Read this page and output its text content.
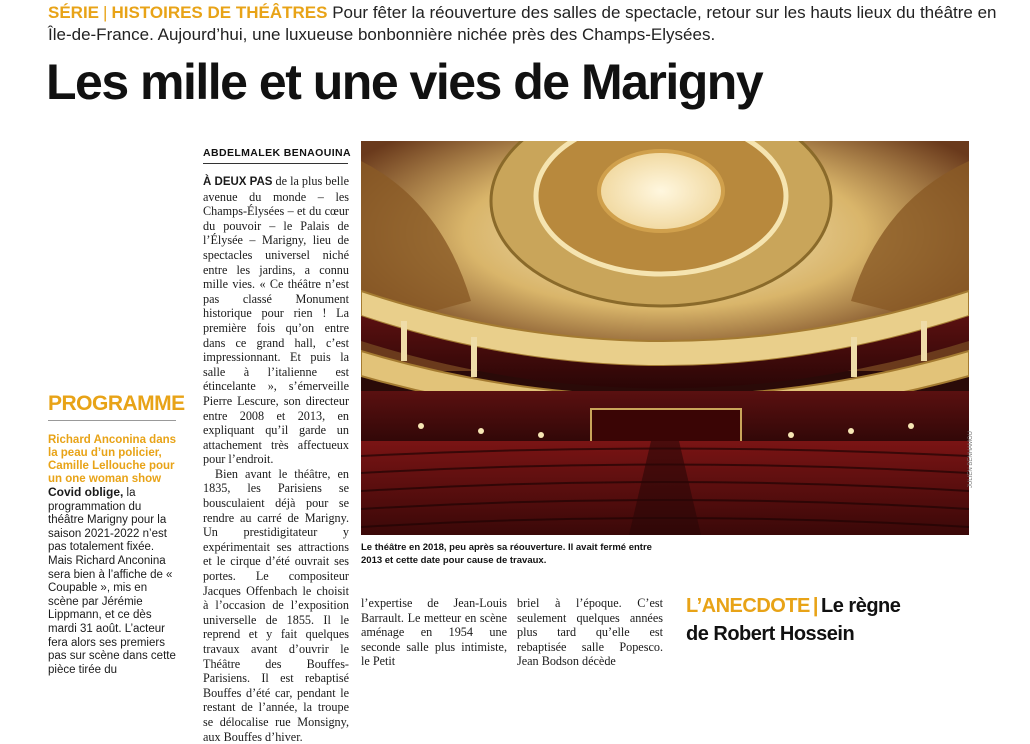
SÉRIE | HISTOIRES DE THÉÂTRES Pour fêter la réouverture des salles de spectacle, retour sur les hauts lieux du théâtre en Île-de-France. Aujourd’hui, une luxueuse bonbonnière nichée près des Champs-Elysées.
Les mille et une vies de Marigny
ABDELMALEK BENAOUINA

À DEUX PAS de la plus belle avenue du monde – les Champs-Élysées – et du cœur du pouvoir – le Palais de l’Élysée – Marigny, lieu de spectacles universel niché entre les jardins, a connu mille vies. « Ce théâtre n’est pas classé Monument historique pour rien ! La première fois qu’on entre dans ce grand hall, c’est impressionnant. Et puis la salle à l’italienne est étincelante », s’émerveille Pierre Lescure, son directeur entre 2008 et 2013, en expliquant qu’il garde un attachement très affectueux pour l’endroit.

Bien avant le théâtre, en 1835, les Parisiens se bousculaient déjà pour se rendre au carré de Marigny. Un prestidigitateur y expérimentait ses attractions et le cirque d’été ouvrait ses portes. Le compositeur Jacques Offenbach le choisit à l’occasion de l’exposition universelle de 1855. Il le reprend et y fait quelques travaux avant d’ouvrir le Théâtre des Bouffes-Parisiens. Il est rebaptisé Bouffes d’été car, pendant le restant de l’année, la troupe se délocalise rue Monsigny, aux Bouffes d’hiver.

PROGRAMME
Richard Anconina dans la peau d’un policier, Camille Lellouche pour un one woman show
Covid oblige, la programmation du théâtre Marigny pour la saison 2021-2022 n’est pas totalement fixée. Mais Richard Anconina sera bien à l’affiche de « Coupable », mis en scène par Jérémie Lippmann, et ce dès mardi 31 août. L’acteur fera alors ses premiers pas sur scène dans cette pièce tirée du
JULIEN BENHAMOU
Le théâtre en 2018, peu après sa réouverture. Il avait fermé entre 2013 et cette date pour cause de travaux.
l’expertise de Jean-Louis Barrault. Le metteur en scène aménage en 1954 une seconde salle plus intimiste, le Petit
briel à l’époque. C’est seulement quelques années plus tard qu’elle est rebaptisée salle Popesco. Jean Bodson décède
L’ANECDOTE | Le règne
de Robert Hossein
